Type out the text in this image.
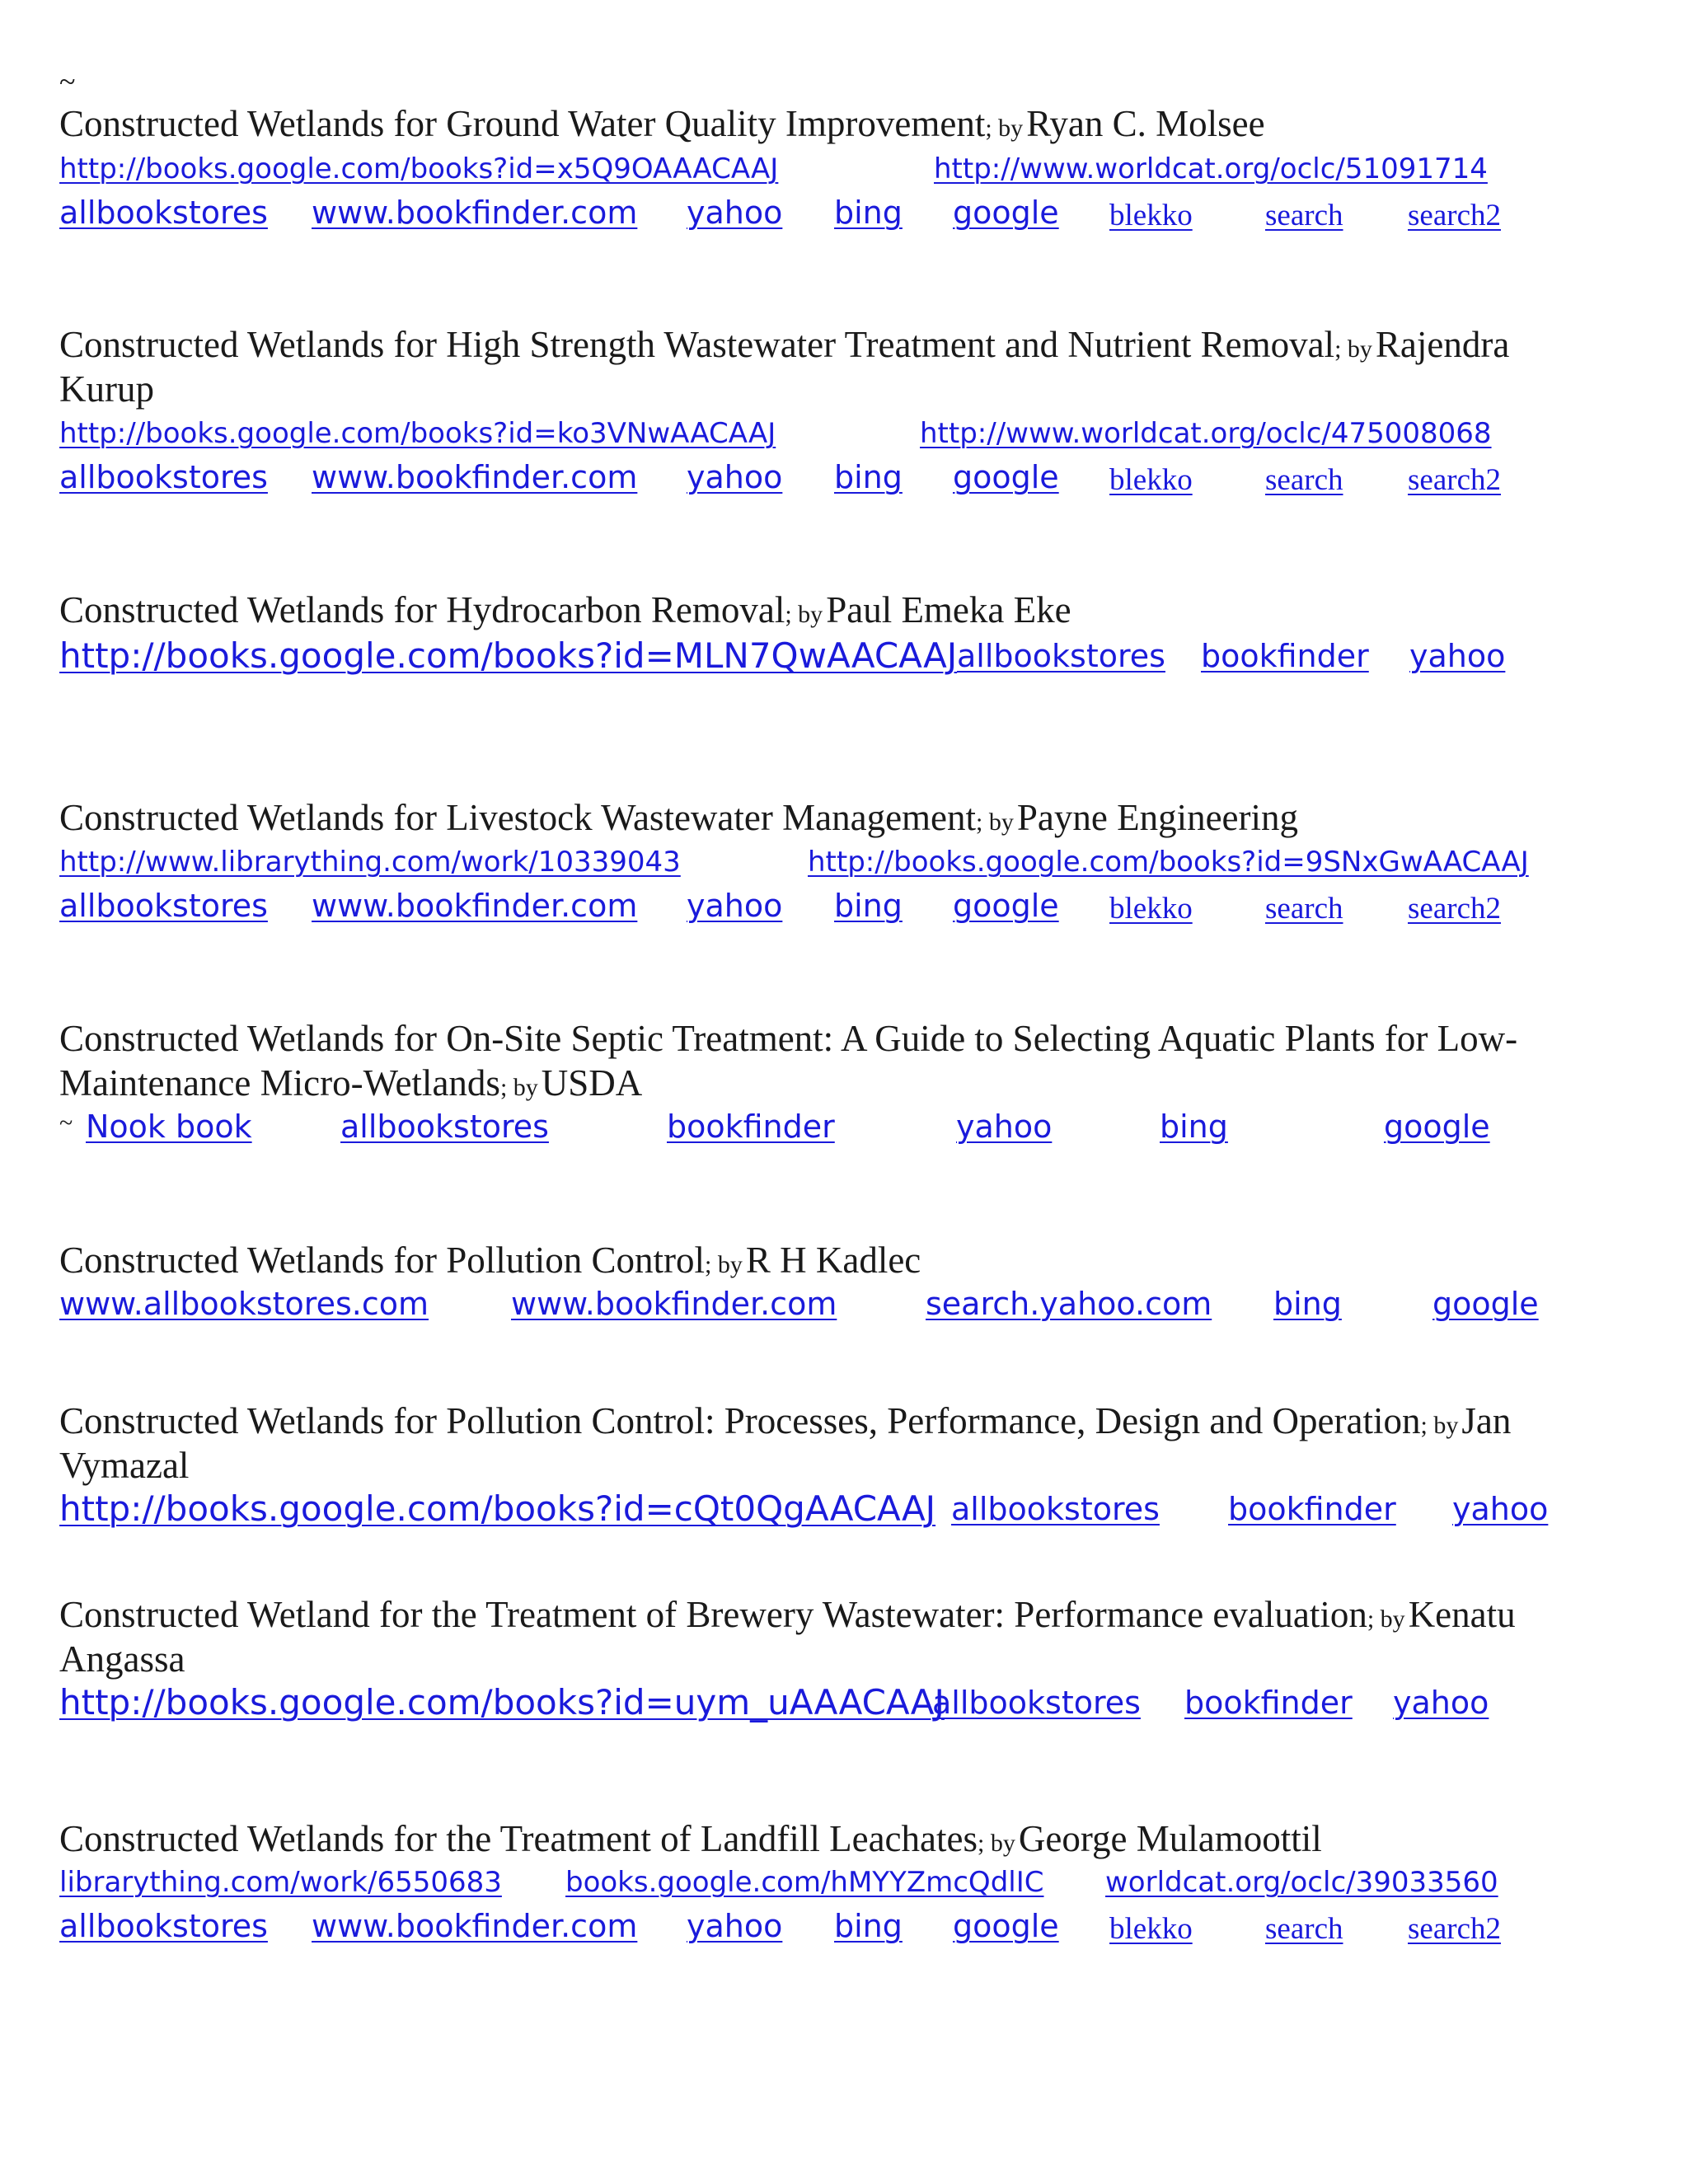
~
Constructed Wetlands for Ground Water Quality Improvement; by Ryan C. Molsee
http://books.google.com/books?id=x5Q9OAAACAAJ	http://www.worldcat.org/oclc/51091714
allbookstores www.bookfinder.com yahoo bing google blekko search search2
Constructed Wetlands for High Strength Wastewater Treatment and Nutrient Removal; by Rajendra
Kurup
http://books.google.com/books?id=ko3VNwAACAAJ	http://www.worldcat.org/oclc/475008068
allbookstores www.bookfinder.com yahoo bing google blekko search search2
Constructed Wetlands for Hydrocarbon Removal; by Paul Emeka Eke
http://books.google.com/books?id=MLN7QwAACAAJ allbookstores bookfinder yahoo
Constructed Wetlands for Livestock Wastewater Management; by Payne Engineering
http://www.librarything.com/work/10339043	http://books.google.com/books?id=9SNxGwAACAAJ
allbookstores www.bookfinder.com yahoo bing google blekko search search2
Constructed Wetlands for On-Site Septic Treatment: A Guide to Selecting Aquatic Plants for Low-
Maintenance Micro-Wetlands; by USDA
~ Nook book	allbookstores	bookfinder	yahoo	bing	google
Constructed Wetlands for Pollution Control; by R H Kadlec
www.allbookstores.com	www.bookfinder.com	search.yahoo.com bing	google
Constructed Wetlands for Pollution Control: Processes, Performance, Design and Operation; by Jan
Vymazal
http://books.google.com/books?id=cQt0QgAACAAJ allbookstores bookfinder yahoo
Constructed Wetland for the Treatment of Brewery Wastewater: Performance evaluation; by Kenatu
Angassa
http://books.google.com/books?id=uym_uAAACAAJ
allbookstores bookfinder yahoo
Constructed Wetlands for the Treatment of Landfill Leachates; by George Mulamoottil
librarything.com/work/6550683 books.google.com/hMYYZmcQdlIC worldcat.org/oclc/39033560
allbookstores www.bookfinder.com yahoo bing google blekko search search2
